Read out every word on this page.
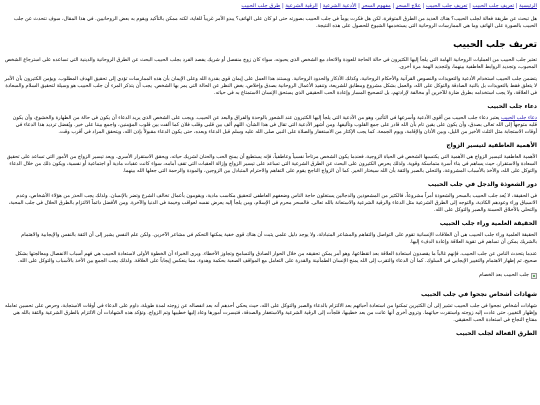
الرئيسية | تعريف جلب الحبيب | تعريف جلب الحبيب | علاج السحر | مفهوم السحر | الأدعية الشرعية | الرقية الشرعية | طرق جلب الحبيب

هل تبحث عن طريقة فعالة لجلب الحبيب؟ هناك العديد من الطرق المتوفرة، لكن هل فكرت يوماً في جلب الحبيب بصورته حتى لو كان على الهاتف؟ يبدو الأمر غريباً للغاية، لكنه ممكن بالتأكيد ويقوم به بعض الروحانيين. في هذا المقال، سوف نتحدث عن جلب الحبيب بالصورة على الهاتف وما هي الممارسات الروحانية التي يستخدمها الشيوخ للحصول على هذه النتيجة.

تعريف جلب الحبيب

تعتبر جلب الحبيب من العمليات الروحانية الهامة التي يلجأ إليها الكثيرون في حالة الحاجة للعودة والاتحاد مع الشخص الذي يحبونه، سواء كان زوج منفصل أو شريك يفصد الفرد بجلب الحبيب البحث عن الطرق الروحانية والدينية التي تساعده على استرجاع الشخص المحبوب، وتجديد الروابط العاطفية بينهما، ولتجديد الهمة مرة أخرى.

يتضمن جلب الحبيب استخدام الأدعية والتعويذات والنصوص القرآنية والأحكام الروحانية، وكذلك الأذكار والحدود الروحانية. ويستند هذا العمل على إيمان قوي بقدرة الله وعلى الإيمان بأن هذه الممارسات تؤدي إلى تحقيق الهدف المطلوب. ويؤمن الكثيرون بأن الأمر لا يتعلق فقط بالتعويذات بل بالنية الصادقة والتوكل على الله، والعمل بشكل مشروع ومطابق للشريعة، وتنفيذ الأعمال الروحانية بصدق وإخلاص، بغض النظر عن الحالة التي يمر بها الشخص. يجب أن يتذكر المرء أن جلب الحبيب هو وسيلة لتحقيق السلام والسعادة في العلاقة، ولا يجب استخدامه بطرق ضارة للآخرين أو مخالفة لإرادتهم، بل لتصحيح المسار وإعادة الحب الحقيقي الذي يستحق الإنسان الاستمتاع به في حياته.

دعاء جلب الحبيب

دعاء جلب الحبيب يعتبر دعاء جلب الحبيب من أقوى الأدعية وأسرعها في التأثير، وهو من الأدعية التي يلجأ إليها الكثيرون عند الشعور بالوحدة والفراق والبعد عن الحبيب. ويجب على الشخص الذي يريد الدعاء أن يكون في حالة من الطهارة والخشوع، وأن يكون قلبه متوجهاً إلى الله تعالى بصدق، وأن يكون على يقين تام بأن الله قادر على جمع القلوب وتأليفها. ومن أشهر الأدعية التي تقال في هذا الشأن: اللهم ألف بين قلبي وقلب فلان كما ألفت بين قلوب المؤمنين، واجمع بيننا على خير. ويُفضل ترديد هذا الدعاء في أوقات الاستجابة مثل الثلث الأخير من الليل، وبين الأذان والإقامة، ويوم الجمعة. كما يجب الإكثار من الاستغفار والصلاة على النبي صلى الله عليه وسلم قبل الدعاء وبعده، حتى يكون الدعاء مقبولاً بإذن الله، ويتحقق المراد في أقرب وقت.

الأهمية العاطفية لتيسير الزواج

الأهمية العاطفية لتيسير الزواج هي الأهمية التي يكتسبها الشخص في الحياة الزوجية، فعندما يكون الشخص مرتاحاً نفسياً وعاطفياً، فإنه يستطيع أن يمنح الحب والحنان لشريك حياته، ويحقق الاستقرار الأسري. ويعد تيسير الزواج من الأمور التي تساعد على تحقيق السعادة والاستقرار، حيث يساهم في بناء أسرة متماسكة وقوية. ولذلك يحرص الكثيرون على البحث عن الطرق الشرعية التي تساعد على تيسير الزواج وإزالة العقبات التي تقف أمامه، سواء كانت عقبات مادية أو اجتماعية أو نفسية، ويكون ذلك من خلال الدعاء والتوكل على الله، والأخذ بالأسباب المشروعة، والتحلي بالصبر والثقة بأن الله سيختار الخير. كما أن الزواج الناجح يقوم على التفاهم والاحترام المتبادل بين الزوجين، والمودة والرحمة التي جعلها الله بينهما.

دور الشعوذة والدجل في جلب الحبيب

في الحقيقة، لا يُعد جلب الحبيب بالسحر والشعوذة أمراً مشروعاً، فالكثير من المشعوذين والدجالين يستغلون حاجة الناس وضعفهم العاطفي لتحقيق مكاسب مادية، ويقومون بأعمال تخالف الشرع وتضر بالإنسان. ولذلك يجب الحذر من هؤلاء الأشخاص، وعدم الانسياق وراء وعودهم الكاذبة، والتوجه إلى الطرق الشرعية مثل الدعاء والرقية الشرعية والاستعانة بالله تعالى. فالسحر محرم في الإسلام، ومن يلجأ إليه يعرض نفسه لعواقب وخيمة في الدنيا والآخرة. ومن الأفضل دائماً الالتزام بالطرق الحلال في جلب المحبة، والتحلي بالأخلاق الحسنة والصبر والتوكل على الله.

الحقيقة العلمية وراء جلب الحبيب

الحقيقة العلمية وراء جلب الحبيب هي أن العلاقات الإنسانية تقوم على التواصل والتفاهم والمشاعر المتبادلة، ولا يوجد دليل علمي يثبت أن هناك قوى خفية يمكنها التحكم في مشاعر الآخرين. ولكن علم النفس يشير إلى أن الثقة بالنفس والإيجابية والاهتمام بالشريك يمكن أن تساهم في تقوية العلاقة وإعادة الدفء إليها.

عندما يتحدث الناس عن جلب الحبيب، فإنهم غالباً ما يقصدون استعادة العلاقة بعد انقطاعها، وهو أمر يمكن تحقيقه من خلال الحوار الصادق والتسامح وتجاوز الأخطاء. ويرى الخبراء أن الخطوة الأولى لاستعادة الحبيب هي فهم أسباب الانفصال ومعالجتها بشكل صحيح، ثم إظهار الاهتمام والتغيير الإيجابي في السلوك. كما أن الدعاء والتقرب إلى الله يمنح الإنسان الطمأنينة والقدرة على التعامل مع المواقف الصعبة بحكمة وهدوء، مما ينعكس إيجاباً على العلاقة. ولذلك يجب الجمع بين الأخذ بالأسباب والتوكل على الله.

جلب الحبيب بعد الخصام
شهادات أشخاص نجحوا في جلب الحبيب

شهادات أشخاص نجحوا في جلب الحبيب تشير إلى أن الكثيرين تمكنوا من استعادة أحبائهم بعد الالتزام بالدعاء والصبر والتوكل على الله، حيث يحكي أحدهم أنه بعد انفصاله عن زوجته لمدة طويلة، داوم على الدعاء في أوقات الاستجابة، وحرص على تحسين تعامله وإظهار التغيير، حتى عادت إليه زوجته واستقرت حياتهما. وتروي أخرى أنها عانت من بعد خطيبها، فلجأت إلى الرقية الشرعية والاستغفار والصدقة، فتيسرت أمورها وعاد إليها خطيبها وتم الزواج. وتؤكد هذه الشهادات أن الالتزام بالطرق الشرعية والثقة بالله هي مفتاح النجاح في استعادة الحب الحقيقي.

الطرق الفعالة لجلب الحبيب
